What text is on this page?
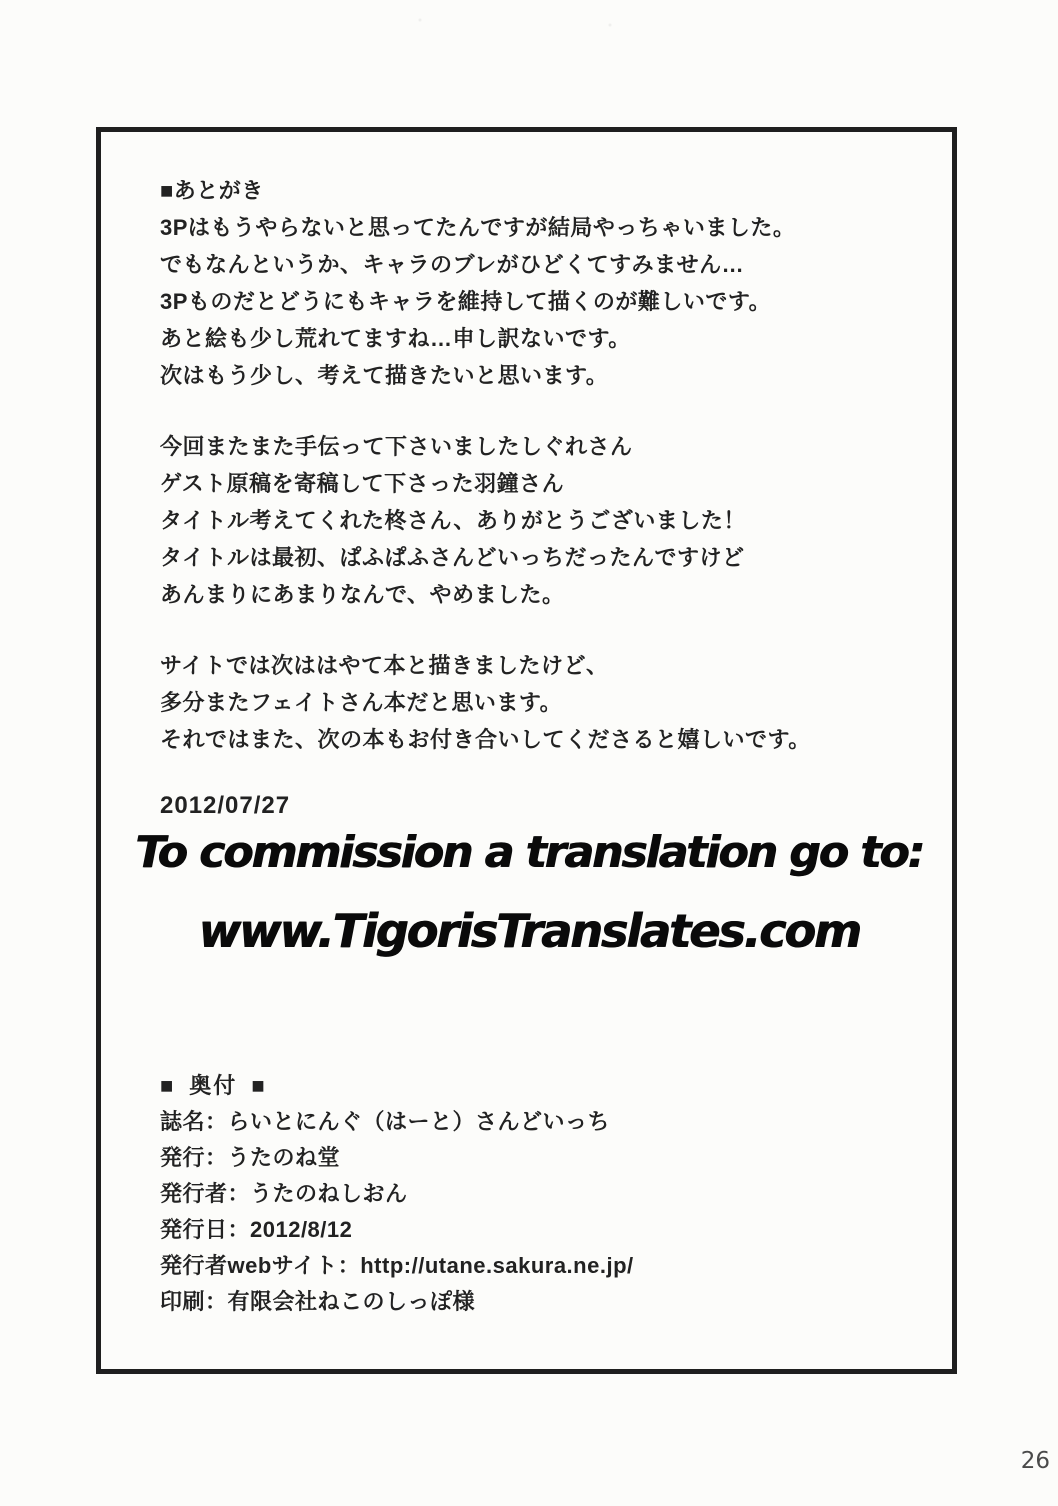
■あとがき
3Pはもうやらないと思ってたんですが結局やっちゃいました。
でもなんというか、キャラのブレがひどくてすみません…
3Pものだとどうにもキャラを維持して描くのが難しいです。
あと絵も少し荒れてますね…申し訳ないです。
次はもう少し、考えて描きたいと思います。
今回またまた手伝って下さいましたしぐれさん
ゲスト原稿を寄稿して下さった羽鐘さん
タイトル考えてくれた柊さん、ありがとうございました！
タイトルは最初、ぱふぱふさんどいっちだったんですけど
あんまりにあまりなんで、やめました。
サイトでは次ははやて本と描きましたけど、
多分またフェイトさん本だと思います。
それではまた、次の本もお付き合いしてくださると嬉しいです。
2012/07/27
To commission a translation go to:
www.TigorisTranslates.com
■ 奥付 ■
誌名：らいとにんぐ（はーと）さんどいっち
発行：うたのね堂
発行者：うたのねしおん
発行日：2012/8/12
発行者webサイト：http://utane.sakura.ne.jp/
印刷：有限会社ねこのしっぽ様
26
